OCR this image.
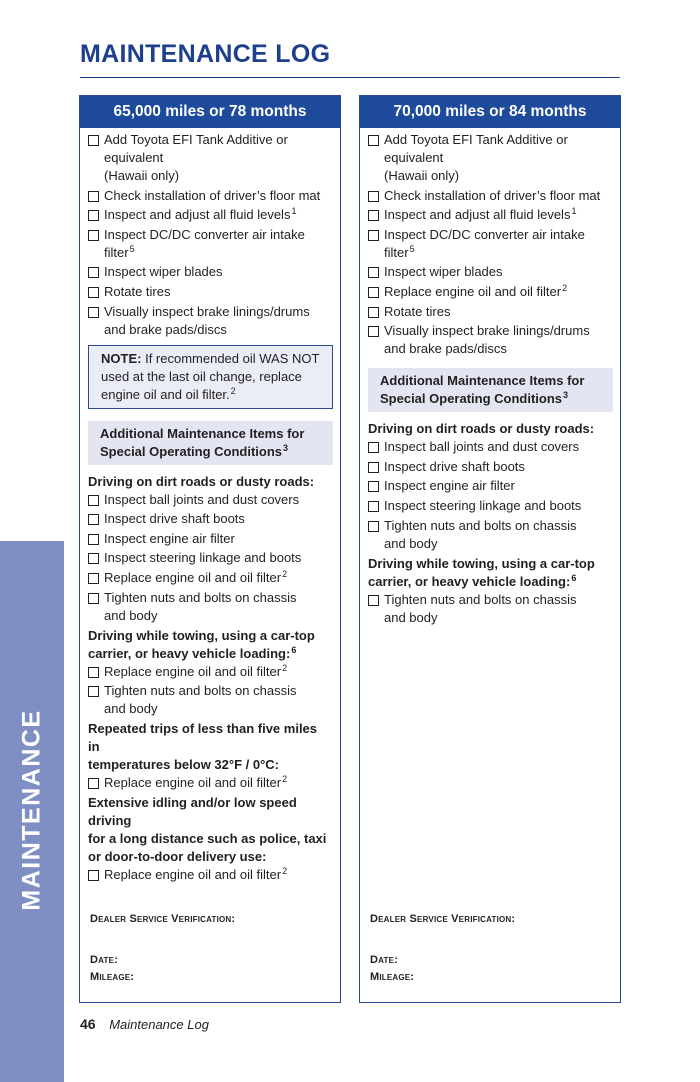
MAINTENANCE
MAINTENANCE LOG
65,000 miles or 78 months
Add Toyota EFI Tank Additive or equivalent
(Hawaii only)
Check installation of driver’s floor mat
Inspect and adjust all fluid levels$^1$
Inspect DC/DC converter air intake filter$^5$
Inspect wiper blades
Rotate tires
Visually inspect brake linings/drums
and brake pads/discs
NOTE: If recommended oil WAS NOT
used at the last oil change, replace
engine oil and oil filter.$^2$
Additional Maintenance Items for
Special Operating Conditions$^3$
Driving on dirt roads or dusty roads:
Inspect ball joints and dust covers
Inspect drive shaft boots
Inspect engine air filter
Inspect steering linkage and boots
Replace engine oil and oil filter$^2$
Tighten nuts and bolts on chassis
and body
Driving while towing, using a car-top
carrier, or heavy vehicle loading:$^6$
Replace engine oil and oil filter$^2$
Tighten nuts and bolts on chassis
and body
Repeated trips of less than five miles in
temperatures below 32°F / 0°C:
Replace engine oil and oil filter$^2$
Extensive idling and/or low speed driving
for a long distance such as police, taxi
or door-to-door delivery use:
Replace engine oil and oil filter$^2$
Dealer Service Verification:
Date:
Mileage:
70,000 miles or 84 months
Add Toyota EFI Tank Additive or equivalent
(Hawaii only)
Check installation of driver’s floor mat
Inspect and adjust all fluid levels$^1$
Inspect DC/DC converter air intake filter$^5$
Inspect wiper blades
Replace engine oil and oil filter$^2$
Rotate tires
Visually inspect brake linings/drums
and brake pads/discs
Additional Maintenance Items for
Special Operating Conditions$^3$
Driving on dirt roads or dusty roads:
Inspect ball joints and dust covers
Inspect drive shaft boots
Inspect engine air filter
Inspect steering linkage and boots
Tighten nuts and bolts on chassis
and body
Driving while towing, using a car-top
carrier, or heavy vehicle loading:$^6$
Tighten nuts and bolts on chassis
and body
Dealer Service Verification:
Date:
Mileage:
46 Maintenance Log
